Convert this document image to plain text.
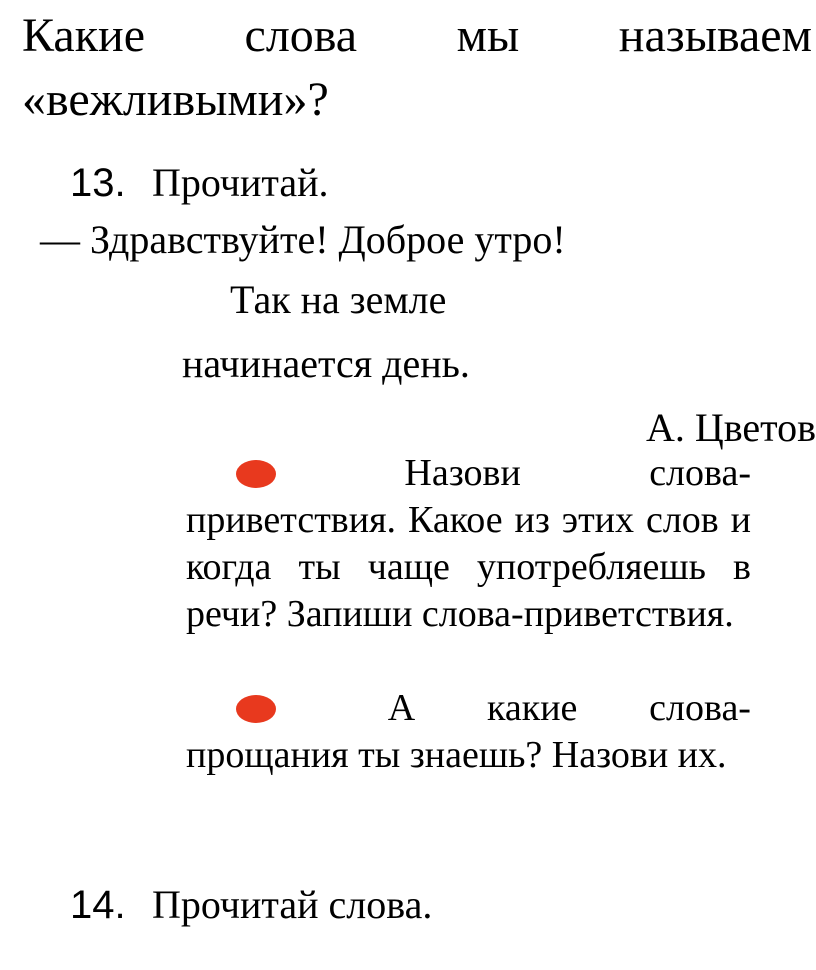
Какие слова мы называем
«вежливыми»?
13. Прочитай.
— Здравствуйте! Доброе утро!
Так на земле
начинается день.
А. Цветов
Назови	слова-
приветствия. Какое из этих слов и когда ты чаще употребляешь в речи? Запиши слова-приветствия.
А какие слова-
прощания ты знаешь? Назови их.
14. Прочитай слова.
